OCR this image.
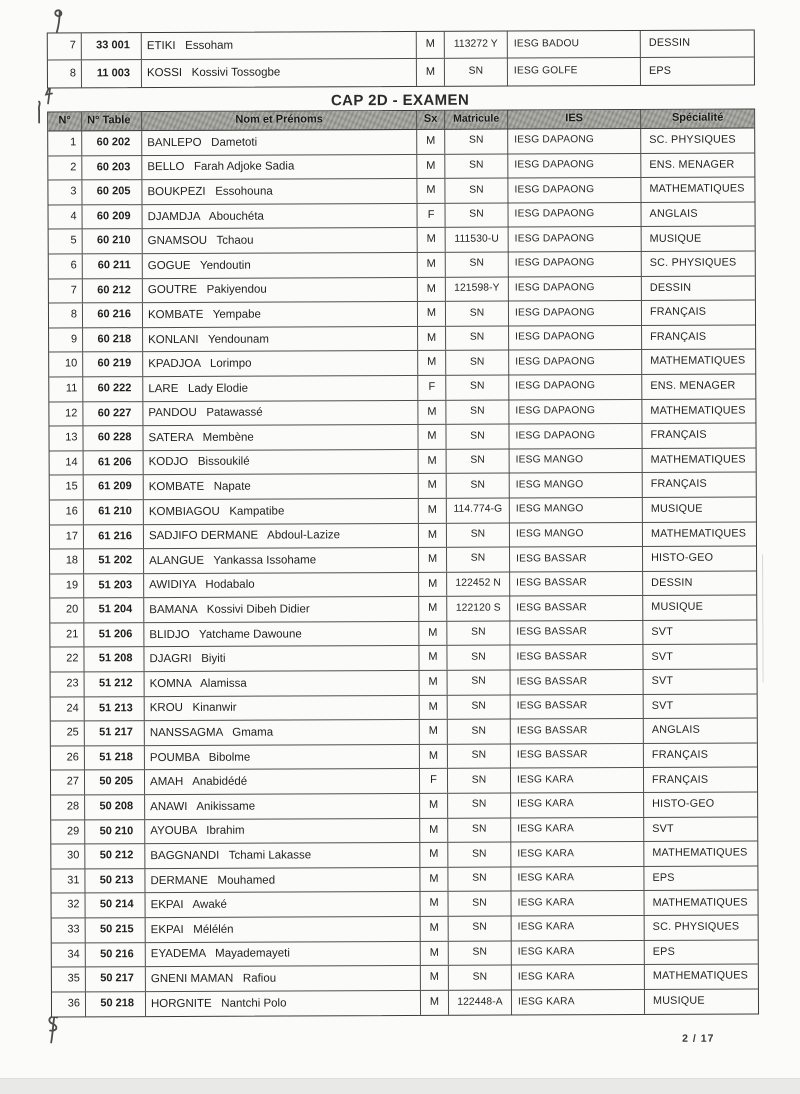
7	33 001	ETIKI   Essoham	M	113272 Y	IESG BADOU	DESSIN
8	11 003	KOSSI   Kossivi Tossogbe	M	SN	IESG GOLFE	EPS
CAP 2D - EXAMEN
N°	N° Table	Nom et Prénoms	Sx	Matricule	IES	Spécialité
1	60 202	BANLEPO   Dametoti	M	SN	IESG DAPAONG	SC. PHYSIQUES
2	60 203	BELLO   Farah Adjoke Sadia	M	SN	IESG DAPAONG	ENS. MENAGER
3	60 205	BOUKPEZI   Essohouna	M	SN	IESG DAPAONG	MATHEMATIQUES
4	60 209	DJAMDJA   Abouchéta	F	SN	IESG DAPAONG	ANGLAIS
5	60 210	GNAMSOU   Tchaou	M	111530-U	IESG DAPAONG	MUSIQUE
6	60 211	GOGUE   Yendoutin	M	SN	IESG DAPAONG	SC. PHYSIQUES
7	60 212	GOUTRE   Pakiyendou	M	121598-Y	IESG DAPAONG	DESSIN
8	60 216	KOMBATE   Yempabe	M	SN	IESG DAPAONG	FRANÇAIS
9	60 218	KONLANI   Yendounam	M	SN	IESG DAPAONG	FRANÇAIS
10	60 219	KPADJOA   Lorimpo	M	SN	IESG DAPAONG	MATHEMATIQUES
11	60 222	LARE   Lady Elodie	F	SN	IESG DAPAONG	ENS. MENAGER
12	60 227	PANDOU   Patawassé	M	SN	IESG DAPAONG	MATHEMATIQUES
13	60 228	SATERA   Membène	M	SN	IESG DAPAONG	FRANÇAIS
14	61 206	KODJO   Bissoukilé	M	SN	IESG MANGO	MATHEMATIQUES
15	61 209	KOMBATE   Napate	M	SN	IESG MANGO	FRANÇAIS
16	61 210	KOMBIAGOU   Kampatibe	M	114.774-G	IESG MANGO	MUSIQUE
17	61 216	SADJIFO DERMANE   Abdoul-Lazize	M	SN	IESG MANGO	MATHEMATIQUES
18	51 202	ALANGUE   Yankassa Issohame	M	SN	IESG BASSAR	HISTO-GEO
19	51 203	AWIDIYA   Hodabalo	M	122452 N	IESG BASSAR	DESSIN
20	51 204	BAMANA   Kossivi Dibeh Didier	M	122120 S	IESG BASSAR	MUSIQUE
21	51 206	BLIDJO   Yatchame Dawoune	M	SN	IESG BASSAR	SVT
22	51 208	DJAGRI   Biyiti	M	SN	IESG BASSAR	SVT
23	51 212	KOMNA   Alamissa	M	SN	IESG BASSAR	SVT
24	51 213	KROU   Kinanwir	M	SN	IESG BASSAR	SVT
25	51 217	NANSSAGMA   Gmama	M	SN	IESG BASSAR	ANGLAIS
26	51 218	POUMBA   Bibolme	M	SN	IESG BASSAR	FRANÇAIS
27	50 205	AMAH   Anabidédé	F	SN	IESG KARA	FRANÇAIS
28	50 208	ANAWI   Anikissame	M	SN	IESG KARA	HISTO-GEO
29	50 210	AYOUBA   Ibrahim	M	SN	IESG KARA	SVT
30	50 212	BAGGNANDI   Tchami Lakasse	M	SN	IESG KARA	MATHEMATIQUES
31	50 213	DERMANE   Mouhamed	M	SN	IESG KARA	EPS
32	50 214	EKPAI   Awaké	M	SN	IESG KARA	MATHEMATIQUES
33	50 215	EKPAI   Mélélén	M	SN	IESG KARA	SC. PHYSIQUES
34	50 216	EYADEMA   Mayademayeti	M	SN	IESG KARA	EPS
35	50 217	GNENI MAMAN   Rafiou	M	SN	IESG KARA	MATHEMATIQUES
36	50 218	HORGNITE   Nantchi Polo	M	122448-A	IESG KARA	MUSIQUE
2 / 17
